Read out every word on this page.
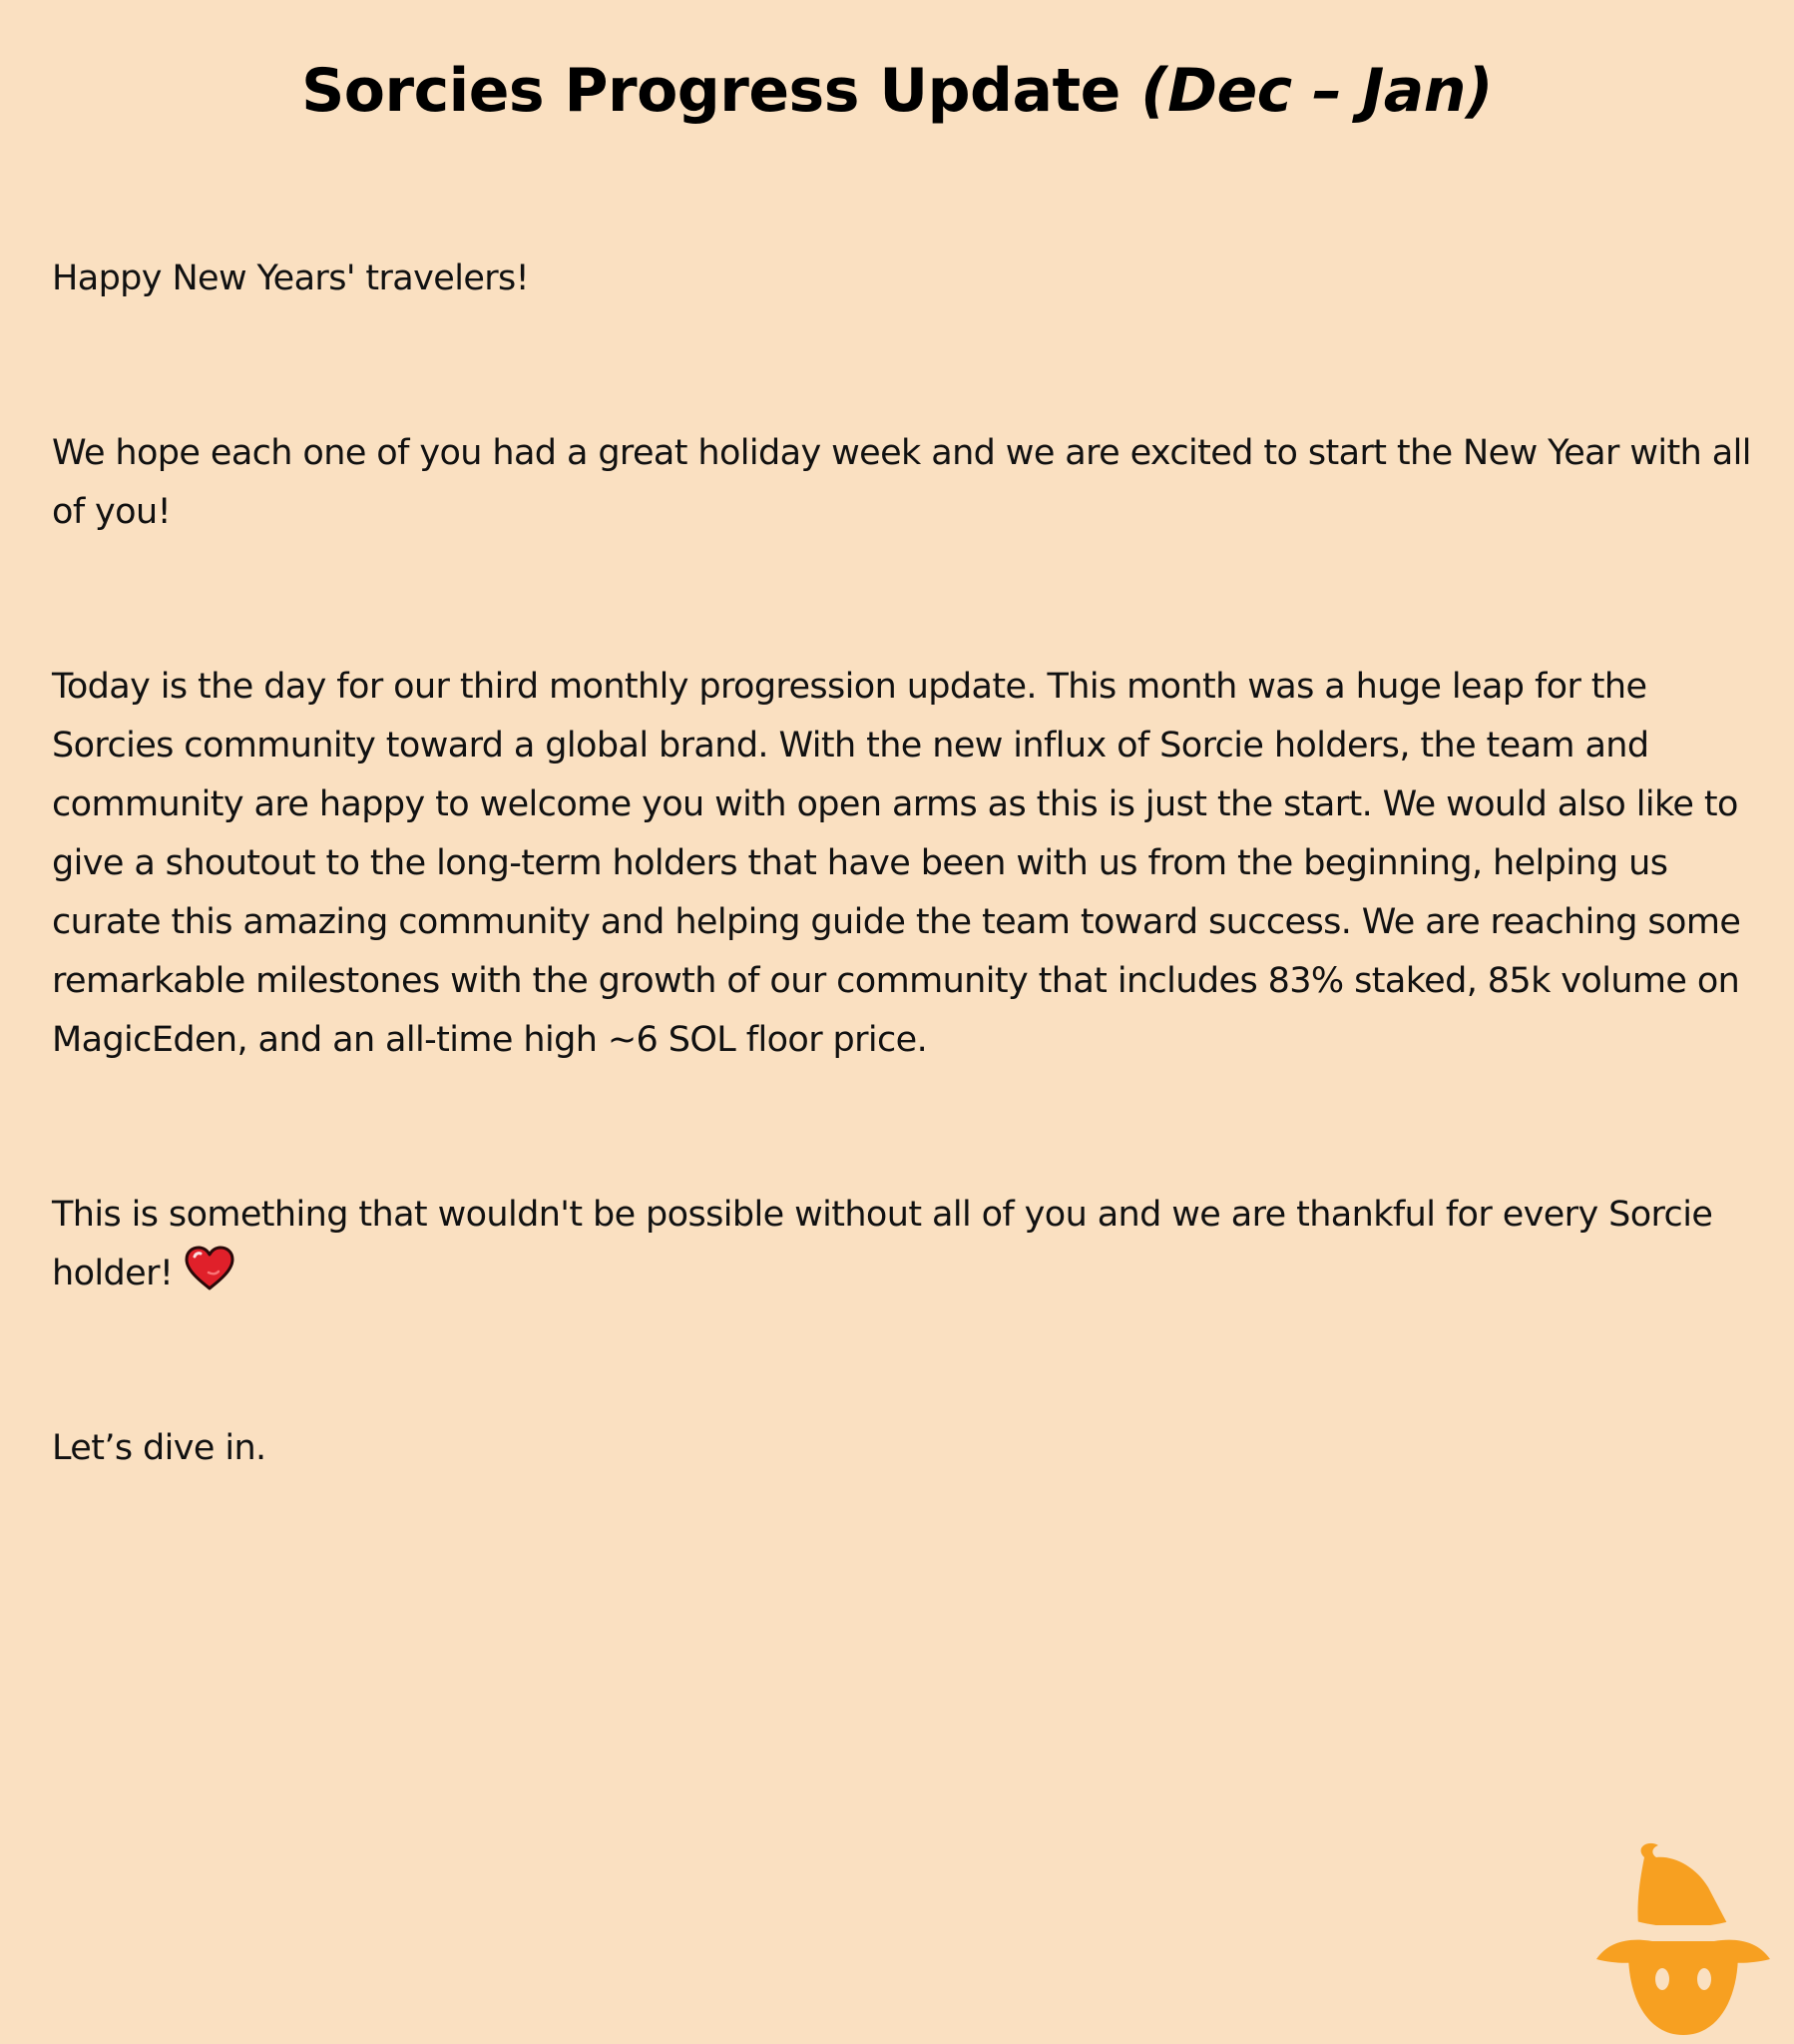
Sorcies Progress Update (Dec – Jan)

Happy New Years' travelers!

We hope each one of you had a great holiday week and we are excited to start the New Year with all of you!

Today is the day for our third monthly progression update. This month was a huge leap for the Sorcies community toward a global brand. With the new influx of Sorcie holders, the team and community are happy to welcome you with open arms as this is just the start. We would also like to give a shoutout to the long-term holders that have been with us from the beginning, helping us curate this amazing community and helping guide the team toward success. We are reaching some remarkable milestones with the growth of our community that includes 83% staked, 85k volume on MagicEden, and an all-time high ~6 SOL floor price.

This is something that wouldn't be possible without all of you and we are thankful for every Sorcie holder!

Let’s dive in.
